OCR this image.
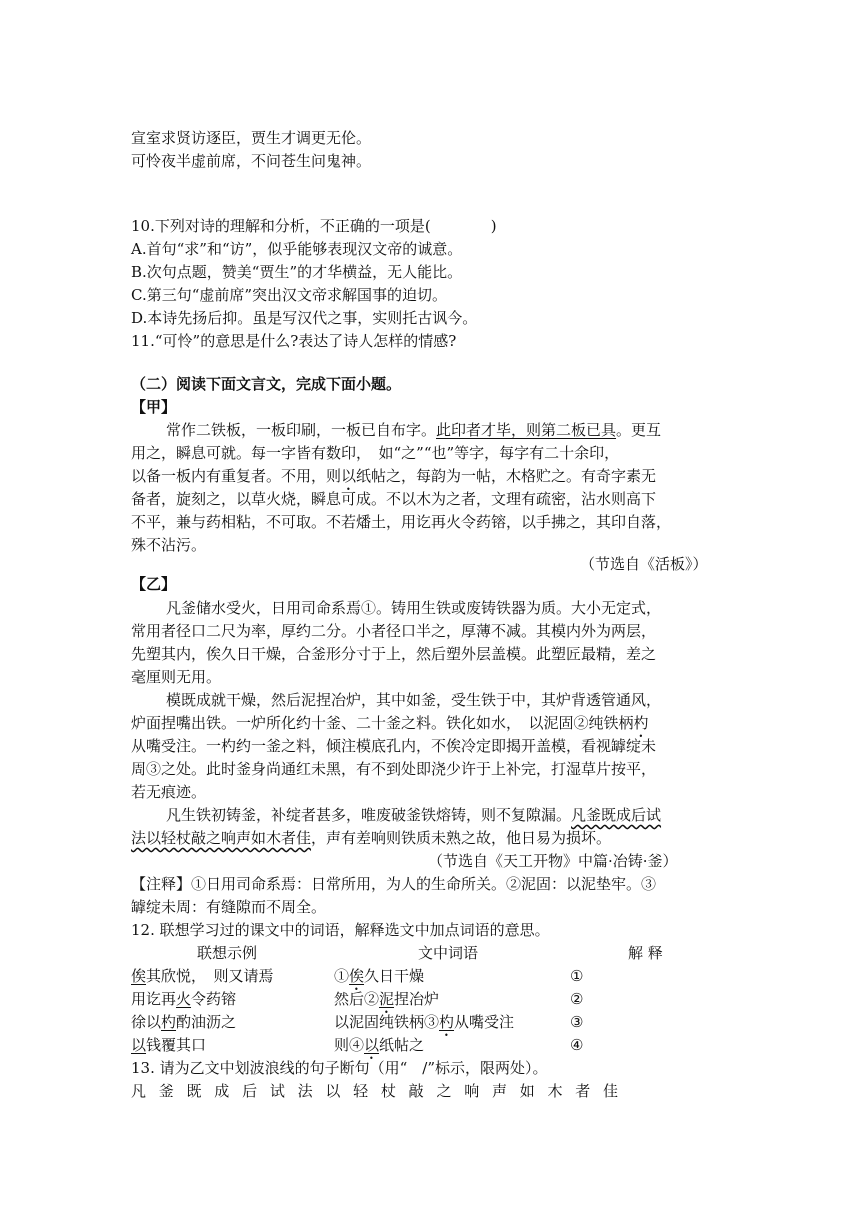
宣室求贤访逐臣，贾生才调更无伦。
可怜夜半虚前席，不问苍生问鬼神。
10.下列对诗的理解和分析，不正确的一项是(　　　　)
A.首句“求”和“访”，似乎能够表现汉文帝的诚意。
B.次句点题，赞美“贾生”的才华横益，无人能比。
C.第三句“虚前席”突出汉文帝求解国事的迫切。
D.本诗先扬后抑。虽是写汉代之事，实则托古讽今。
11.“可怜”的意思是什么?表达了诗人怎样的情感?
（二）阅读下面文言文，完成下面小题。
【甲】
常作二铁板，一板印刷，一板已自布字。此印者才毕，则第二板已具。更互
用之，瞬息可就。每一字皆有数印，　如“之”“也”等字，每字有二十余印，
以备一板内有重复者。不用，则以纸帖之，每韵为一帖，木格贮之。有奇字素无
备者，旋刻之，以草火烧，瞬息可成。不以木为之者，文理有疏密，沾水则高下
不平，兼与药相粘，不可取。不若燔土，用讫再火令药镕，以手拂之，其印自落，
殊不沾污。
（节选自《活板》）
【乙】
凡釜储水受火，日用司命系焉①。铸用生铁或废铸铁器为质。大小无定式，
常用者径口二尺为率，厚约二分。小者径口半之，厚薄不减。其模内外为两层，
先塑其内，俟久日干燥，合釜形分寸于上，然后塑外层盖模。此塑匠最精，差之
毫厘则无用。
模既成就干燥，然后泥捏冶炉，其中如釜，受生铁于中，其炉背透管通风，
炉面捏嘴出铁。一炉所化约十釜、二十釜之料。铁化如水，　以泥固②纯铁柄杓
从嘴受注。一杓约一釜之料，倾注模底孔内，不俟冷定即揭开盖模，看视罅绽未
周③之处。此时釜身尚通红未黑，有不到处即浇少许于上补完，打湿草片按平，
若无痕迹。
凡生铁初铸釜，补绽者甚多，唯废破釜铁熔铸，则不复隙漏。凡釜既成后试
法以轻杖敲之响声如木者佳，声有差响则铁质未熟之故，他日易为损坏。
（节选自《天工开物》中篇·冶铸·釜）
【注释】①日用司命系焉：日常所用，为人的生命所关。②泥固：以泥垫牢。③
罅绽未周：有缝隙而不周全。
12. 联想学习过的课文中的词语，解释选文中加点词语的意思。
联想示例	文中词语	解 释
俟其欣悦，　则又请焉	①俟久日干燥	①
用讫再火令药镕	然后②泥捏冶炉	②
徐以杓酌油沥之	以泥固纯铁柄③杓从嘴受注	③
以钱覆其口	则④以纸帖之	④
13. 请为乙文中划波浪线的句子断句（用“　/”标示，限两处）。
凡 釜 既 成 后 试 法 以 轻 杖 敲 之 响 声 如 木 者 佳
